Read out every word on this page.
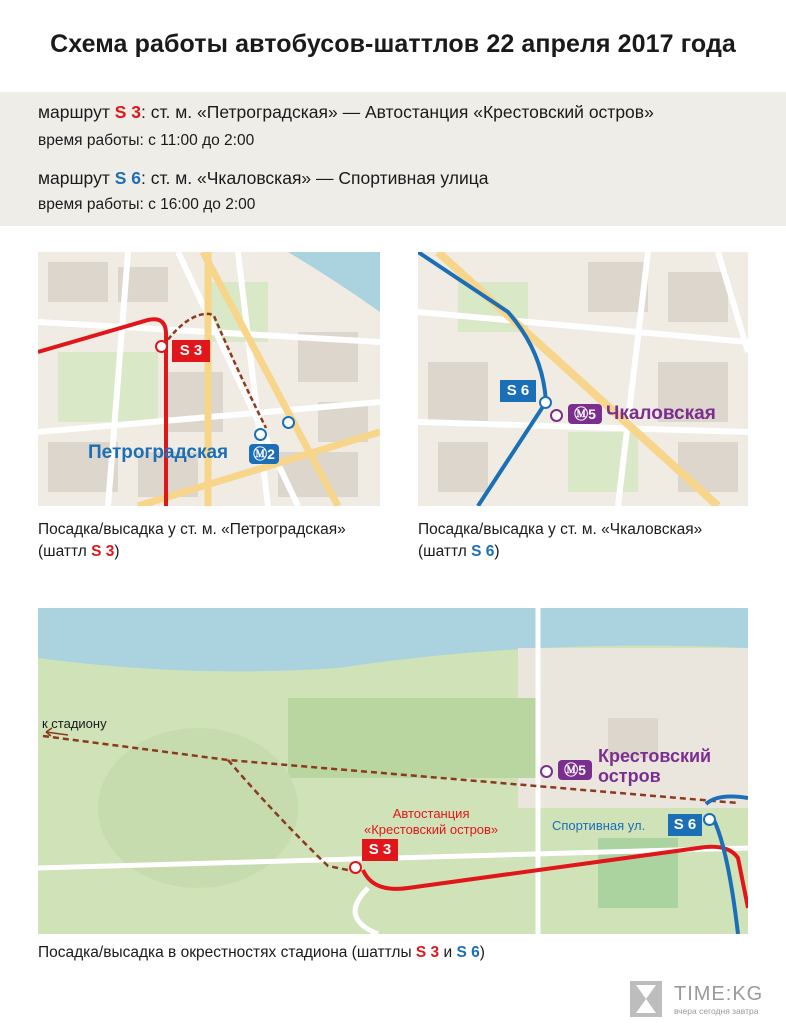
Схема работы автобусов-шаттлов 22 апреля 2017 года
маршрут S 3: ст. м. «Петроградская» — Автостанция «Крестовский остров»
время работы: с 11:00 до 2:00
маршрут S 6: ст. м. «Чкаловская» — Спортивная улица
время работы: с 16:00 до 2:00
S 3
Петроградская Ⓜ2
Посадка/высадка у ст. м. «Петроградская»
(шаттл S 3)
S 6
Ⓜ5 Чкаловская
Посадка/высадка у ст. м. «Чкаловская»
(шаттл S 6)
к стадиону
Ⓜ5
Крестовский
остров
Автостанция
«Крестовский остров»
S 3
Спортивная ул.	S 6
Посадка/высадка в окрестностях стадиона (шаттлы S 3 и S 6)
TIME:KG
вчера сегодня завтра
